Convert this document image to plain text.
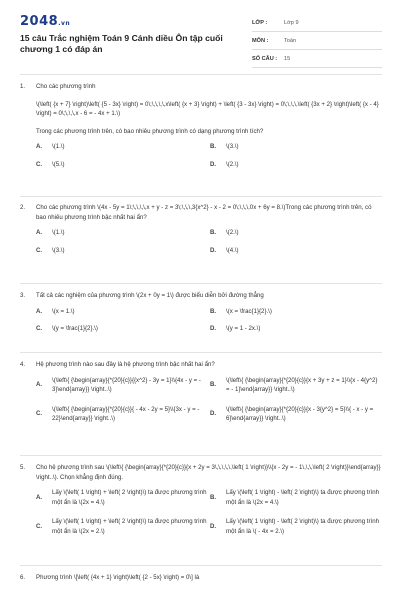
2048.vn
15 câu Trắc nghiệm Toán 9 Cánh diều Ôn tập cuối chương 1 có đáp án
LỚP :	Lớp 9
MÔN :	Toán
SỐ CÂU :	15
1.	Cho các phương trình
\(\left( {x + 7} \right)\left( {5 - 3x} \right) = 0\;\,\,\,\,x\left( {x + 3} \right) + \left( {3 - 3x} \right) = 0\;\,\,\,\left( {3x + 2} \right)\left( {x - 4} \right) = 0\;\,\,\,x - 6 = - 4x + 1.\)
Trong các phương trình trên, có bao nhiêu phương trình có dạng phương trình tích?
A.	\(1.\)	B.	\(3.\)
C.	\(5.\)	D.	\(2.\)
2.	Cho các phương trình \(4x - 5y = 1\;\,\,\,\,x + y - z = 3\;\,\,\,3{x^2} - x - 2 = 0\;\,\,\,0x + 6y = 8.\)Trong các phương trình trên, có bao nhiêu phương trình bậc nhất hai ẩn?
A.	\(1.\)	B.	\(2.\)
C.	\(3.\)	D.	\(4.\)
3.	Tất cả các nghiệm của phương trình \(2x + 0y = 1\) được biểu diễn bởi đường thẳng
A.	\(x = 1.\)	B.	\(x = \frac{1}{2}.\)
C.	\(y = \frac{1}{2}.\)	D.	\(y = 1 - 2x.\)
4.	Hệ phương trình nào sau đây là hệ phương trình bậc nhất hai ẩn?
A.
\(\left\{ {\begin{array}{*{20}{c}}{{x^2} - 3y = 1}\\{4x - y = - 3}\end{array}} \right..\)
B.
\(\left\{ {\begin{array}{*{20}{c}}{x + 3y + z = 1}\\{x - 4{y^2} = - 1}\end{array}} \right..\)
C.
\(\left\{ {\begin{array}{*{20}{c}}{ - 4x - 2y = 5}\\{3x - y = - 22}\end{array}} \right..\)
D.
\(\left\{ {\begin{array}{*{20}{c}}{x - 3{y^2} = 5}\\{ - x - y = 6}\end{array}} \right..\)
5.	Cho hệ phương trình sau \(\left\{ {\begin{array}{*{20}{c}}{x + 2y = 3\,\,\,\,\,\left( 1 \right)}\\{x - 2y = - 1\,\,\,\left( 2 \right)}\end{array}} \right..\). Chọn khẳng định đúng.
A.
Lấy \(\left( 1 \right) + \left( 2 \right)\) ta được phương trình một ẩn là \(2x = 4.\)
B.
Lấy \(\left( 1 \right) - \left( 2 \right)\) ta được phương trình một ẩn là \(2x = 4.\)
C.
Lấy \(\left( 1 \right) + \left( 2 \right)\) ta được phương trình một ẩn là \(2x = 2.\)
D.
Lấy \(\left( 1 \right) - \left( 2 \right)\) ta được phương trình một ẩn là \( - 4x = 2.\)
6.	Phương trình \[\left( {4x + 1} \right)\left( {2 - 5x} \right) = 0\] là
